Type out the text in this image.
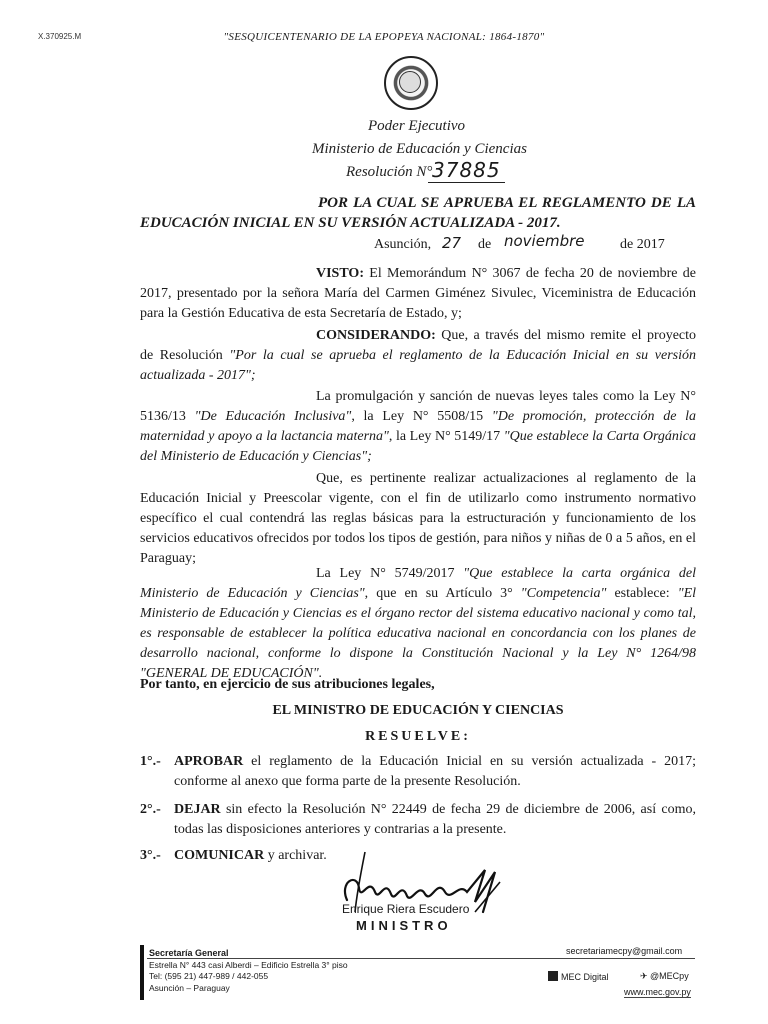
X.370925.M	"SESQUICENTENARIO DE LA EPOPEYA NACIONAL: 1864-1870"
Poder Ejecutivo
Ministerio de Educación y Ciencias
Resolución N° 37885
POR LA CUAL SE APRUEBA EL REGLAMENTO DE LA EDUCACIÓN INICIAL EN SU VERSIÓN ACTUALIZADA - 2017.
Asunción, 27 de noviembre	de 2017
VISTO: El Memorándum N° 3067 de fecha 20 de noviembre de 2017, presentado por la señora María del Carmen Giménez Sivulec, Viceministra de Educación para la Gestión Educativa de esta Secretaría de Estado, y;
CONSIDERANDO: Que, a través del mismo remite el proyecto de Resolución "Por la cual se aprueba el reglamento de la Educación Inicial en su versión actualizada - 2017";
La promulgación y sanción de nuevas leyes tales como la Ley N° 5136/13 "De Educación Inclusiva", la Ley N° 5508/15 "De promoción, protección de la maternidad y apoyo a la lactancia materna", la Ley N° 5149/17 "Que establece la Carta Orgánica del Ministerio de Educación y Ciencias";
Que, es pertinente realizar actualizaciones al reglamento de la Educación Inicial y Preescolar vigente, con el fin de utilizarlo como instrumento normativo específico el cual contendrá las reglas básicas para la estructuración y funcionamiento de los servicios educativos ofrecidos por todos los tipos de gestión, para niños y niñas de 0 a 5 años, en el Paraguay;
La Ley N° 5749/2017 "Que establece la carta orgánica del Ministerio de Educación y Ciencias", que en su Artículo 3° "Competencia" establece: "El Ministerio de Educación y Ciencias es el órgano rector del sistema educativo nacional y como tal, es responsable de establecer la política educativa nacional en concordancia con los planes de desarrollo nacional, conforme lo dispone la Constitución Nacional y la Ley N° 1264/98 "GENERAL DE EDUCACIÓN".
Por tanto, en ejercicio de sus atribuciones legales,
EL MINISTRO DE EDUCACIÓN Y CIENCIAS
RESUELVE:
1°.- APROBAR el reglamento de la Educación Inicial en su versión actualizada - 2017; conforme al anexo que forma parte de la presente Resolución.
2°.- DEJAR sin efecto la Resolución N° 22449 de fecha 29 de diciembre de 2006, así como, todas las disposiciones anteriores y contrarias a la presente.
3°.- COMUNICAR y archivar.
Enrique Riera Escudero
MINISTRO
Secretaría General
Estrella N° 443 casi Alberdi – Edificio Estrella 3° piso
Tel: (595 21) 447-989 / 442-055
Asunción – Paraguay
secretariamecpy@gmail.com
MEC Digital	✈ @MECpy
www.mec.gov.py
